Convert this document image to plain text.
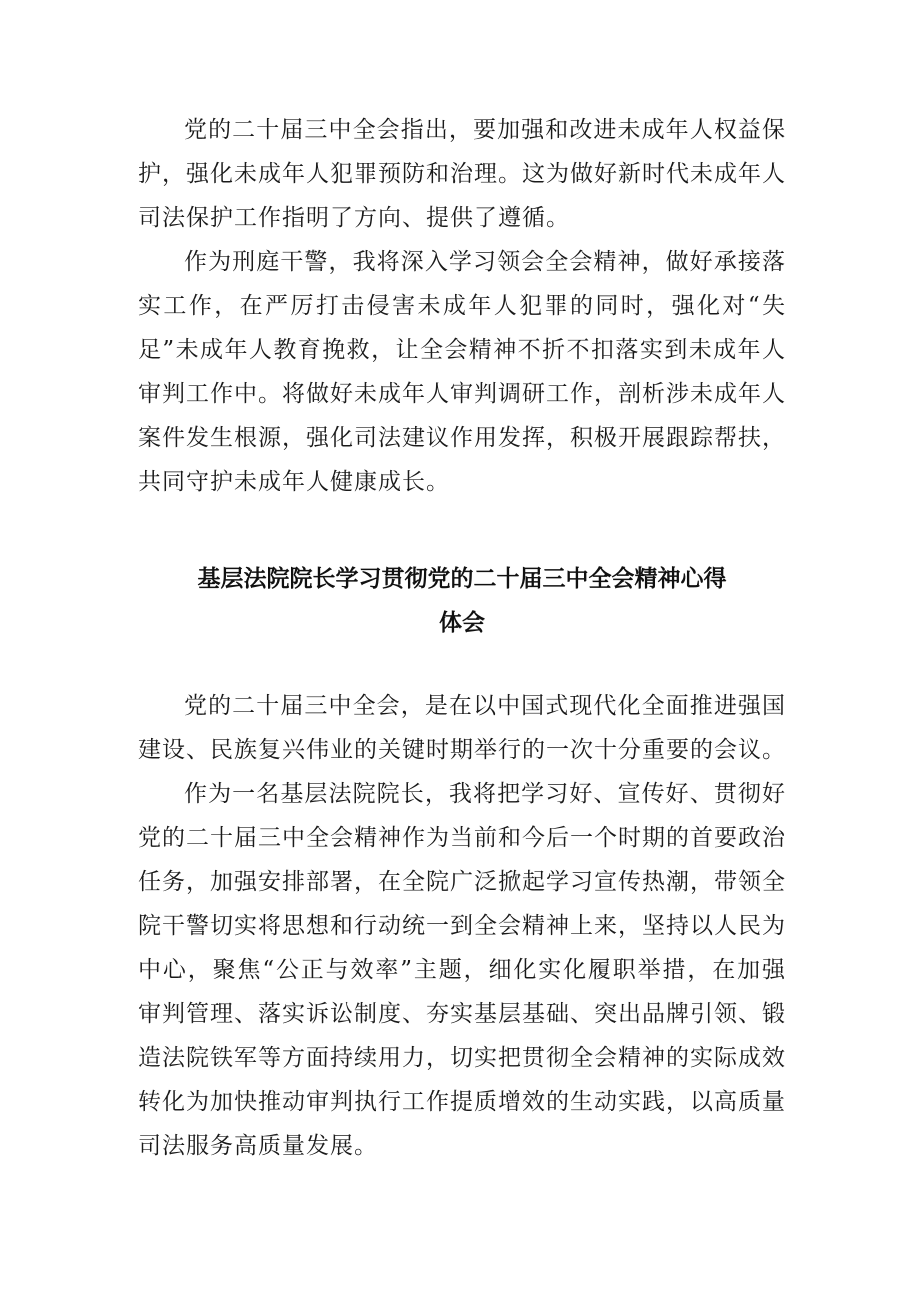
党的二十届三中全会指出，要加强和改进未成年人权益保护，强化未成年人犯罪预防和治理。这为做好新时代未成年人司法保护工作指明了方向、提供了遵循。

作为刑庭干警，我将深入学习领会全会精神，做好承接落实工作，在严厉打击侵害未成年人犯罪的同时，强化对“失足”未成年人教育挽救，让全会精神不折不扣落实到未成年人审判工作中。将做好未成年人审判调研工作，剖析涉未成年人案件发生根源，强化司法建议作用发挥，积极开展跟踪帮扶，共同守护未成年人健康成长。

基层法院院长学习贯彻党的二十届三中全会精神心得
体会

党的二十届三中全会，是在以中国式现代化全面推进强国建设、民族复兴伟业的关键时期举行的一次十分重要的会议。

作为一名基层法院院长，我将把学习好、宣传好、贯彻好党的二十届三中全会精神作为当前和今后一个时期的首要政治任务，加强安排部署，在全院广泛掀起学习宣传热潮，带领全院干警切实将思想和行动统一到全会精神上来，坚持以人民为中心，聚焦“公正与效率”主题，细化实化履职举措，在加强审判管理、落实诉讼制度、夯实基层基础、突出品牌引领、锻造法院铁军等方面持续用力，切实把贯彻全会精神的实际成效转化为加快推动审判执行工作提质增效的生动实践，以高质量司法服务高质量发展。
